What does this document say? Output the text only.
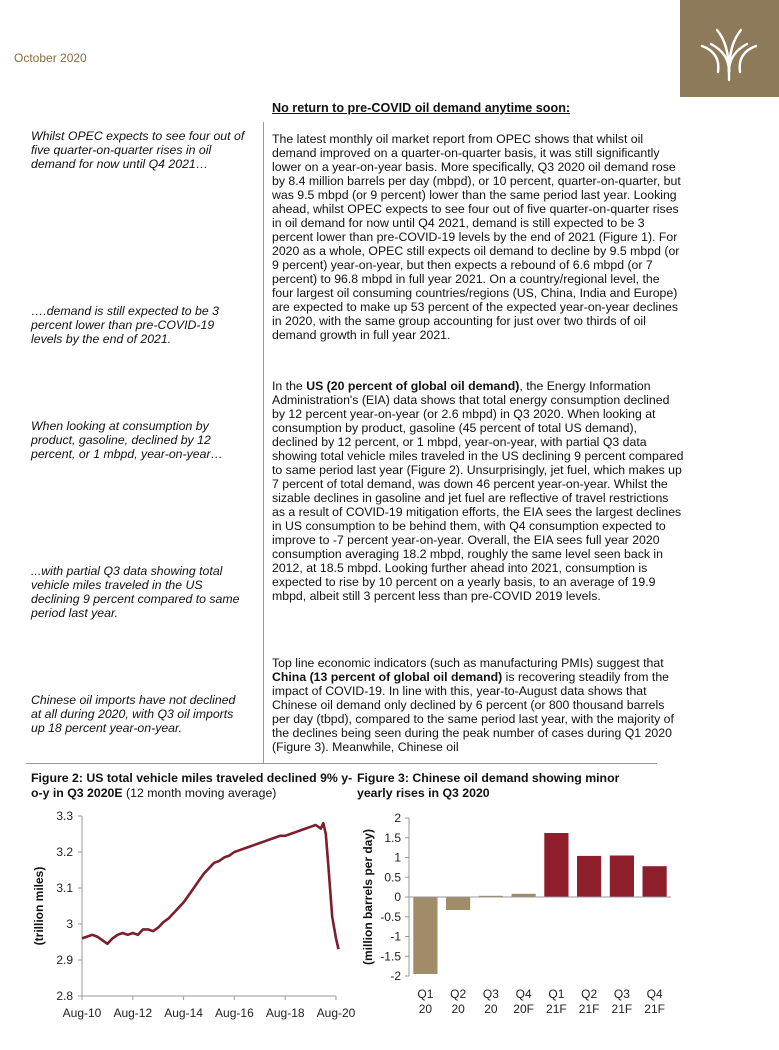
October 2020
Whilst OPEC expects to see four out of five quarter-on-quarter rises in oil demand for now until Q4 2021…
….demand is still expected to be 3 percent lower than pre-COVID-19 levels by the end of 2021.
When looking at consumption by product, gasoline, declined by 12 percent, or 1 mbpd, year-on-year…
...with partial Q3 data showing total vehicle miles traveled in the US declining 9 percent compared to same period last year.
Chinese oil imports have not declined at all during 2020, with Q3 oil imports up 18 percent year-on-year.
No return to pre-COVID oil demand anytime soon:
The latest monthly oil market report from OPEC shows that whilst oil demand improved on a quarter-on-quarter basis, it was still significantly lower on a year-on-year basis. More specifically, Q3 2020 oil demand rose by 8.4 million barrels per day (mbpd), or 10 percent, quarter-on-quarter, but was 9.5 mbpd (or 9 percent) lower than the same period last year. Looking ahead, whilst OPEC expects to see four out of five quarter-on-quarter rises in oil demand for now until Q4 2021, demand is still expected to be 3 percent lower than pre-COVID-19 levels by the end of 2021 (Figure 1). For 2020 as a whole, OPEC still expects oil demand to decline by 9.5 mbpd (or 9 percent) year-on-year, but then expects a rebound of 6.6 mbpd (or 7 percent) to 96.8 mbpd in full year 2021. On a country/regional level, the four largest oil consuming countries/regions (US, China, India and Europe) are expected to make up 53 percent of the expected year-on-year declines in 2020, with the same group accounting for just over two thirds of oil demand growth in full year 2021.
In the US (20 percent of global oil demand), the Energy Information Administration's (EIA) data shows that total energy consumption declined by 12 percent year-on-year (or 2.6 mbpd) in Q3 2020. When looking at consumption by product, gasoline (45 percent of total US demand), declined by 12 percent, or 1 mbpd, year-on-year, with partial Q3 data showing total vehicle miles traveled in the US declining 9 percent compared to same period last year (Figure 2). Unsurprisingly, jet fuel, which makes up 7 percent of total demand, was down 46 percent year-on-year. Whilst the sizable declines in gasoline and jet fuel are reflective of travel restrictions as a result of COVID-19 mitigation efforts, the EIA sees the largest declines in US consumption to be behind them, with Q4 consumption expected to improve to -7 percent year-on-year. Overall, the EIA sees full year 2020 consumption averaging 18.2 mbpd, roughly the same level seen back in 2012, at 18.5 mbpd. Looking further ahead into 2021, consumption is expected to rise by 10 percent on a yearly basis, to an average of 19.9 mbpd, albeit still 3 percent less than pre-COVID 2019 levels.
Top line economic indicators (such as manufacturing PMIs) suggest that China (13 percent of global oil demand) is recovering steadily from the impact of COVID-19. In line with this, year-to-August data shows that Chinese oil demand only declined by 6 percent (or 800 thousand barrels per day (tbpd), compared to the same period last year, with the majority of the declines being seen during the peak number of cases during Q1 2020 (Figure 3). Meanwhile, Chinese oil
Figure 2: US total vehicle miles traveled declined 9% y-o-y in Q3 2020E (12 month moving average)
3.3
3.2
3.1
3
2.9
2.8
Aug-10 Aug-12 Aug-14 Aug-16 Aug-18 Aug-20
(trillion miles)
Figure 3: Chinese oil demand showing minor yearly rises in Q3 2020
2
1.5
1
0.5
0
-0.5
-1
-1.5
-2
(million barrels per day)
Q1
20
Q2
20
Q3
20
Q4
20F
Q1
21F
Q2
21F
Q3
21F
Q4
21F
